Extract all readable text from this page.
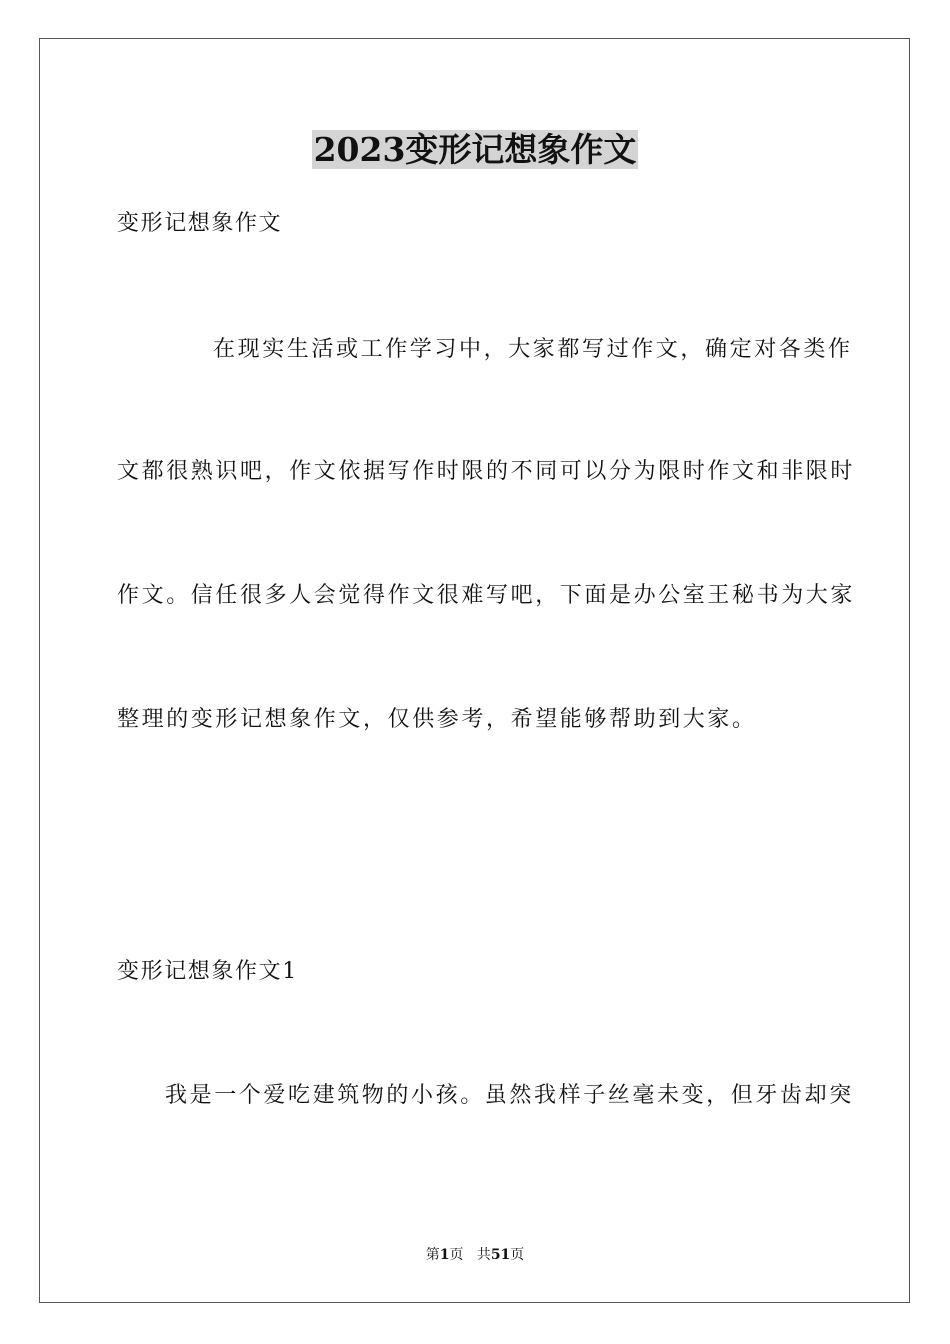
2023变形记想象作文
变形记想象作文
在现实生活或工作学习中，大家都写过作文，确定对各类作
文都很熟识吧，作文依据写作时限的不同可以分为限时作文和非限时
作文。信任很多人会觉得作文很难写吧，下面是办公室王秘书为大家
整理的变形记想象作文，仅供参考，希望能够帮助到大家。
变形记想象作文1
我是一个爱吃建筑物的小孩。虽然我样子丝毫未变，但牙齿却突
第1页 共51页
